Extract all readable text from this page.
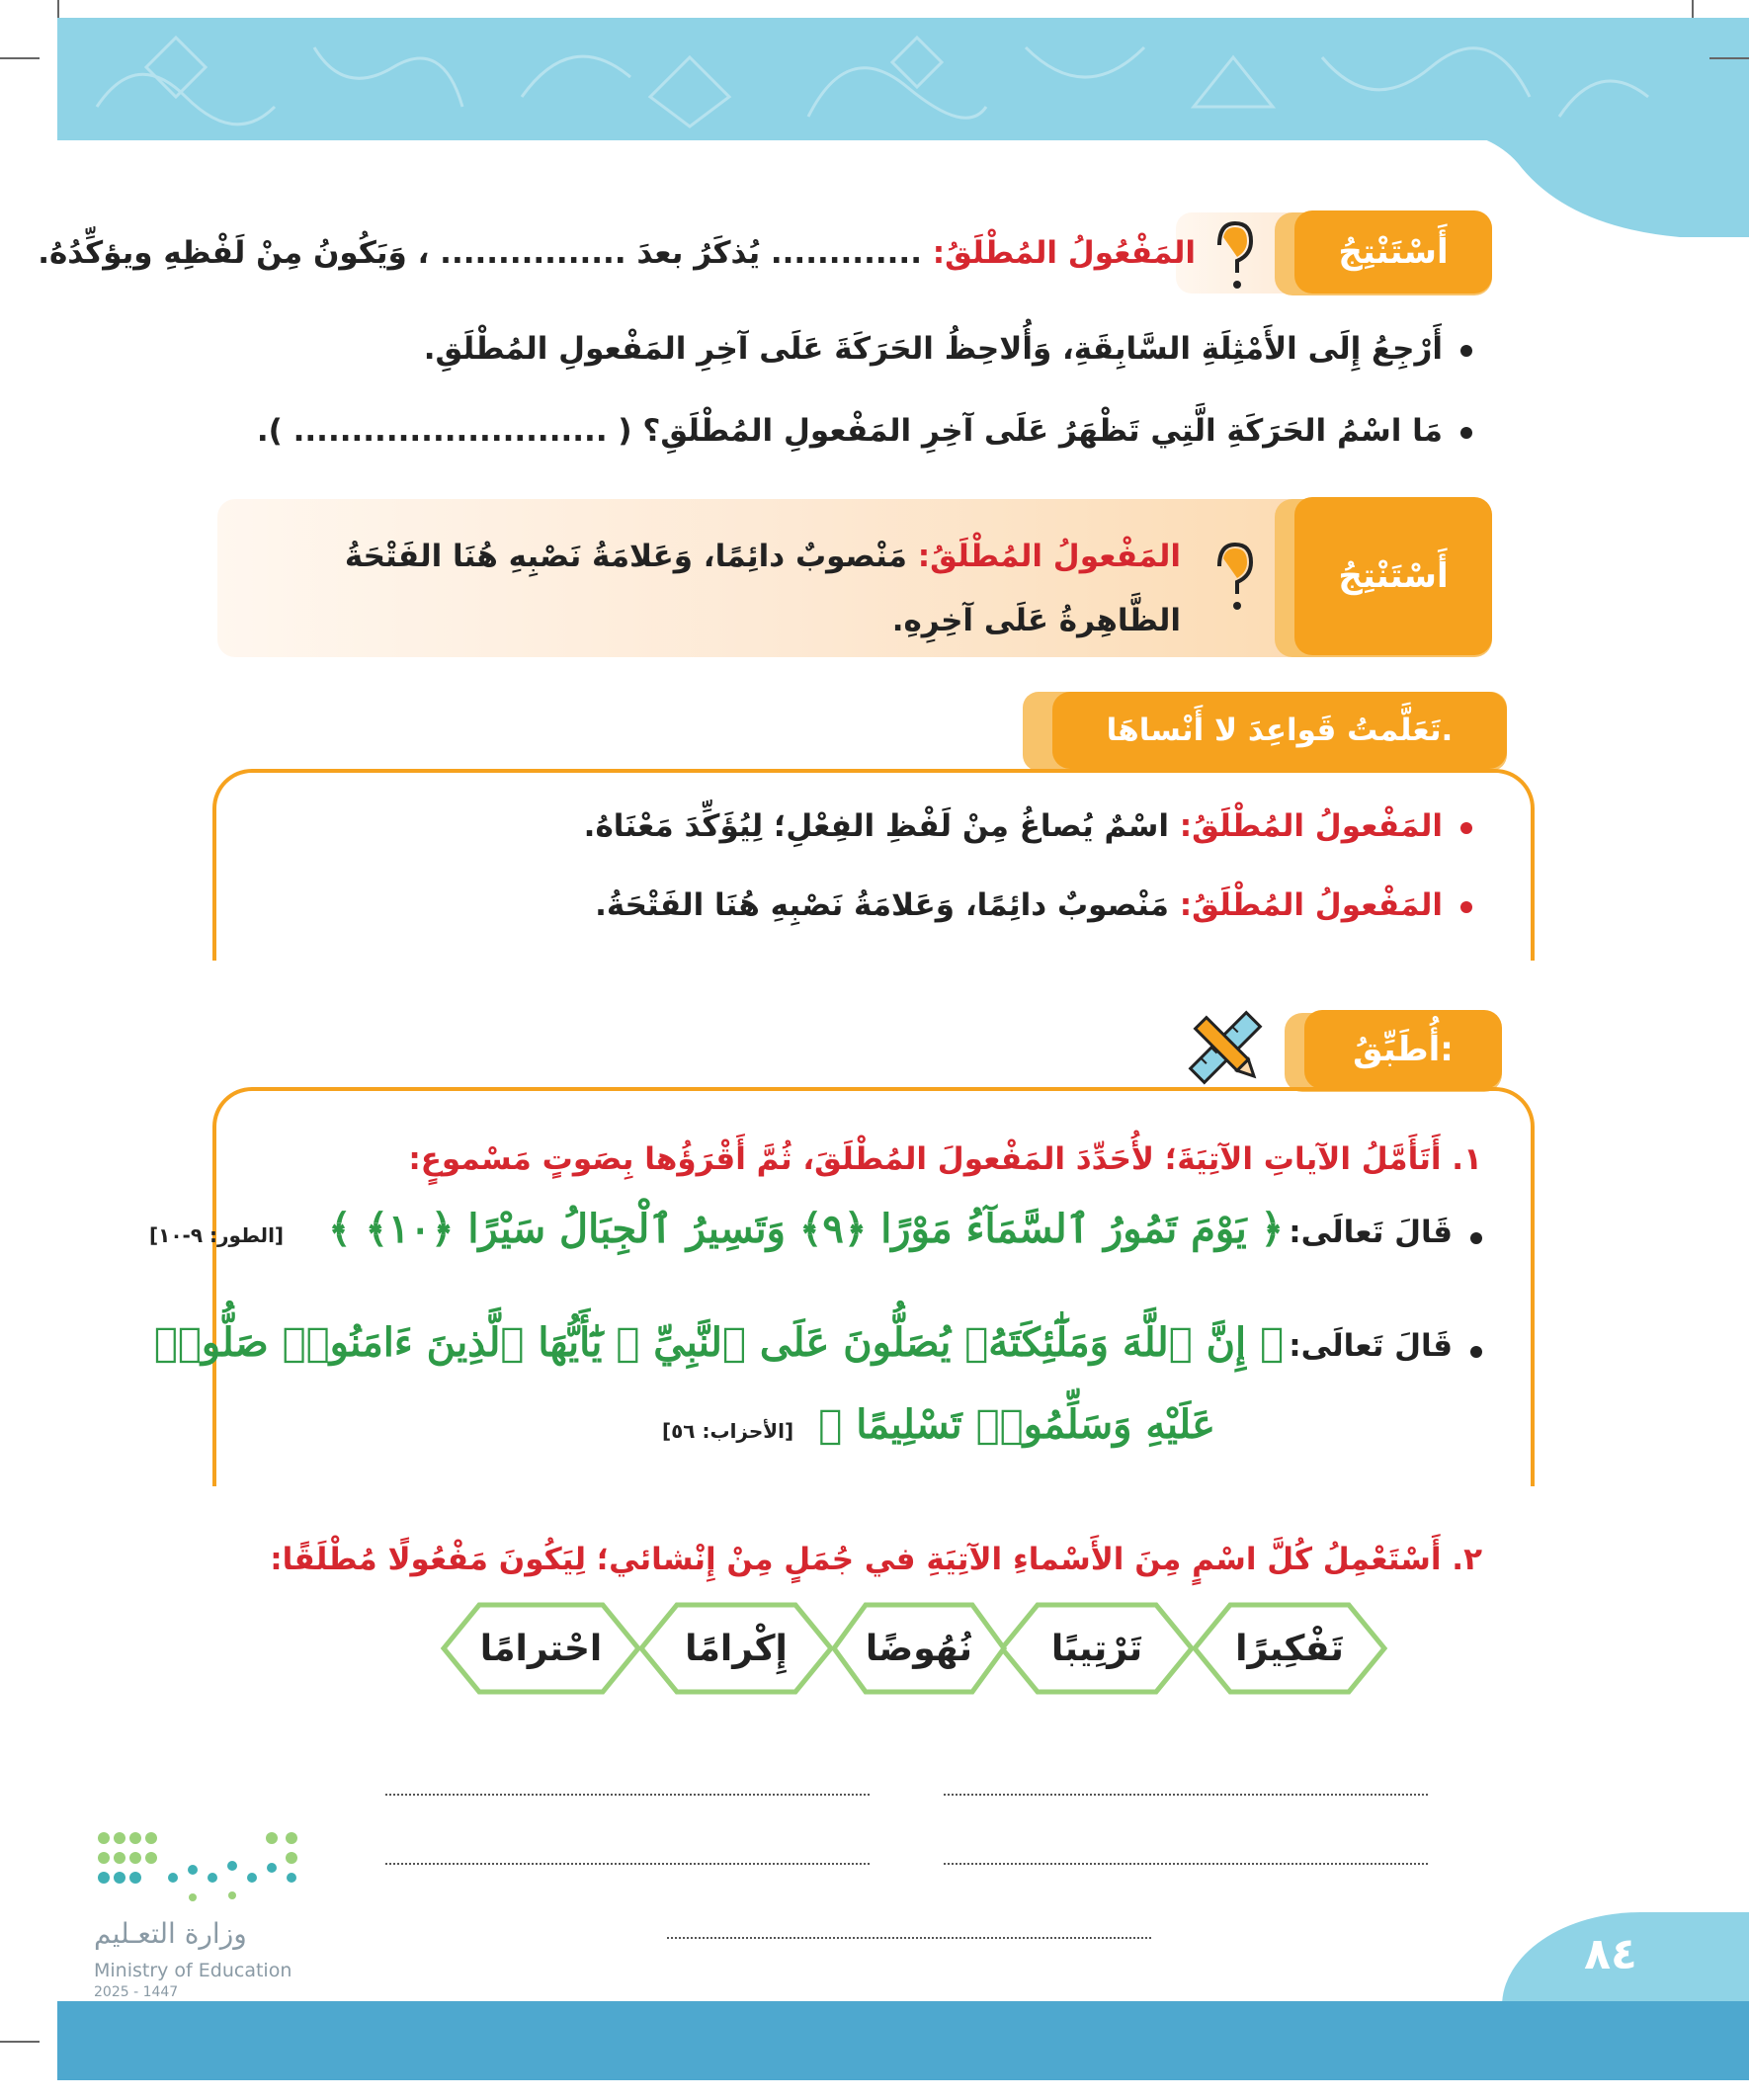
أَسْتَنْتِجُ
المَفْعُولُ المُطْلَقُ: ............. يُذكَرُ بعدَ ................ ، وَيَكُونُ مِنْ لَفْظِهِ ويؤكِّدُهُ.
أَرْجِعُ إِلَى الأَمْثِلَةِ السَّابِقَةِ، وَأُلاحِظُ الحَرَكَةَ عَلَى آخِرِ المَفْعولِ المُطْلَقِ.
مَا اسْمُ الحَرَكَةِ الَّتِي تَظْهَرُ عَلَى آخِرِ المَفْعولِ المُطْلَقِ؟ ( ........................... ).
أَسْتَنْتِجُ
المَفْعولُ المُطْلَقُ: مَنْصوبٌ دائِمًا، وَعَلامَةُ نَصْبِهِ هُنَا الفَتْحَةُ
الظَّاهِرةُ عَلَى آخِرِهِ.
تَعَلَّمتُ قَواعِدَ لا أَنْساهَا.
المَفْعولُ المُطْلَقُ: اسْمٌ يُصاغُ مِنْ لَفْظِ الفِعْلِ؛ لِيُؤَكِّدَ مَعْنَاهُ.
المَفْعولُ المُطْلَقُ: مَنْصوبٌ دائِمًا، وَعَلامَةُ نَصْبِهِ هُنَا الفَتْحَةُ.
أُطَبِّقُ:
١. أَتَأَمَّلُ الآياتِ الآتِيَةَ؛ لأُحَدِّدَ المَفْعولَ المُطْلَقَ، ثُمَّ أَقْرَؤُها بِصَوتٍ مَسْموعٍ:
قَالَ تَعالَى: ﴿ يَوْمَ تَمُورُ ٱلسَّمَآءُ مَوْرًا ﴿٩﴾ وَتَسِيرُ ٱلْجِبَالُ سَيْرًا ﴿١٠﴾ ﴾ [الطور: ٩-١٠]
قَالَ تَعالَى: ﴿ إِنَّ ٱللَّهَ وَمَلَٰٓئِكَتَهُۥ يُصَلُّونَ عَلَى ٱلنَّبِيِّ ۚ يَٰٓأَيُّهَا ٱلَّذِينَ ءَامَنُوا۟ صَلُّوا۟
عَلَيْهِ وَسَلِّمُوا۟ تَسْلِيمًا ﴾ [الأحزاب: ٥٦]
٢. أَسْتَعْمِلُ كُلَّ اسْمٍ مِنَ الأَسْماءِ الآتِيَةِ في جُمَلٍ مِنْ إِنْشائي؛ لِيَكُونَ مَفْعُولًا مُطْلَقًا:
تَفْكِيرًا
تَرْتِيبًا
نُهُوضًا
إِكْرامًا
احْترامًا
وزارة التعـليم
Ministry of Education
2025 - 1447
٨٤
